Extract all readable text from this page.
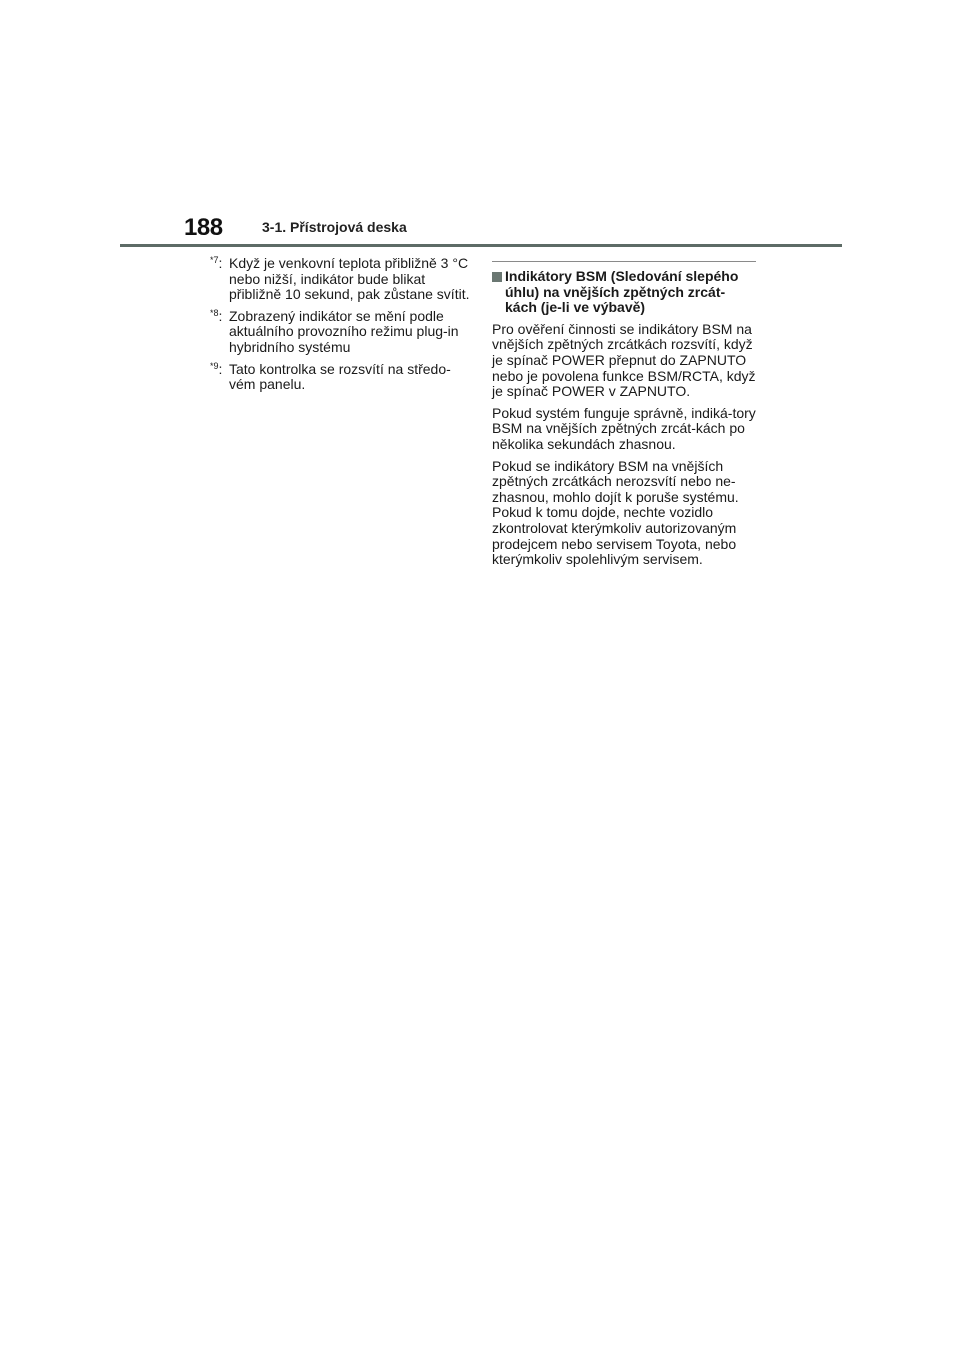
188	3-1. Přístrojová deska
$^{*7}$: Když je venkovní teplota přibližně 3 °C nebo nižší, indikátor bude blikat přibližně 10 sekund, pak zůstane svítit.
$^{*8}$: Zobrazený indikátor se mění podle aktuálního provozního režimu plug-in hybridního systému
$^{*9}$: Tato kontrolka se rozsvítí na středo-vém panelu.
Indikátory BSM (Sledování slepého úhlu) na vnějších zpětných zrcát-kách (je-li ve výbavě)

Pro ověření činnosti se indikátory BSM na vnějších zpětných zrcátkách rozsvítí, když je spínač POWER přepnut do ZAPNUTO nebo je povolena funkce BSM/RCTA, když je spínač POWER v ZAPNUTO.

Pokud systém funguje správně, indiká-tory BSM na vnějších zpětných zrcát-kách po několika sekundách zhasnou.

Pokud se indikátory BSM na vnějších zpětných zrcátkách nerozsvítí nebo ne-zhasnou, mohlo dojít k poruše systému. Pokud k tomu dojde, nechte vozidlo zkontrolovat kterýmkoliv autorizovaným prodejcem nebo servisem Toyota, nebo kterýmkoliv spolehlivým servisem.
